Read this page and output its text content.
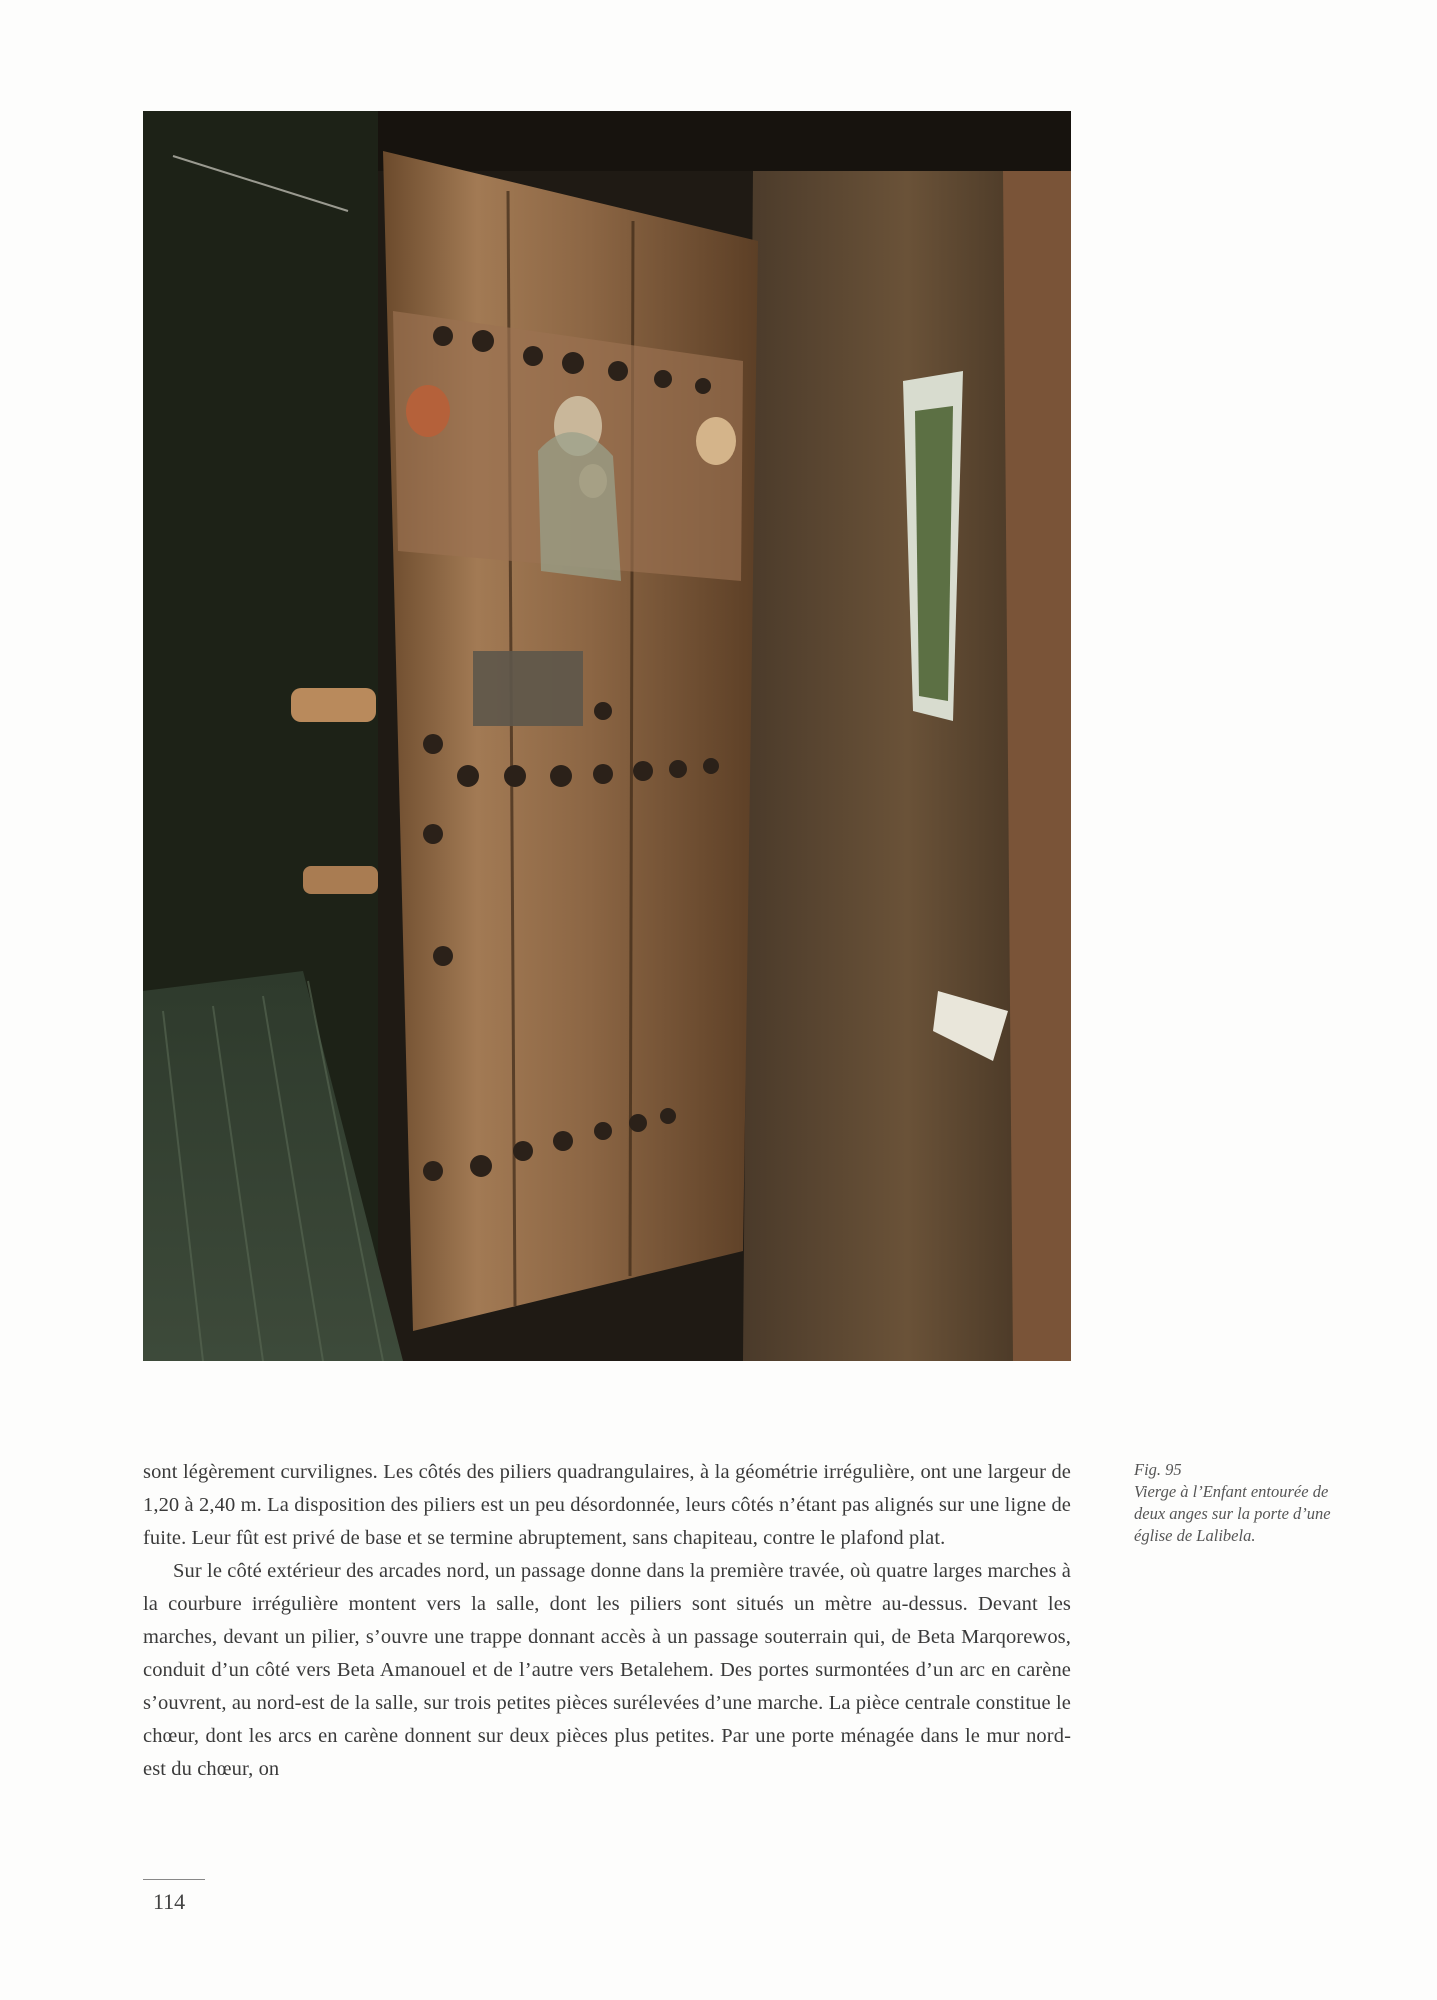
sont légèrement curvilignes. Les côtés des piliers quadrangulaires, à la géométrie irrégulière, ont une largeur de 1,20 à 2,40 m. La disposition des piliers est un peu désordonnée, leurs côtés n’étant pas alignés sur une ligne de fuite. Leur fût est privé de base et se termine abruptement, sans chapiteau, contre le plafond plat.

Sur le côté extérieur des arcades nord, un passage donne dans la première travée, où quatre larges marches à la courbure irrégulière montent vers la salle, dont les piliers sont situés un mètre au-dessus. Devant les marches, devant un pilier, s’ouvre une trappe donnant accès à un passage souterrain qui, de Beta Marqorewos, conduit d’un côté vers Beta Amanouel et de l’autre vers Betalehem. Des portes surmontées d’un arc en carène s’ouvrent, au nord-est de la salle, sur trois petites pièces surélevées d’une marche. La pièce centrale constitue le chœur, dont les arcs en carène donnent sur deux pièces plus petites. Par une porte ménagée dans le mur nord-est du chœur, on

Fig. 95
Vierge à l’Enfant entourée de deux anges sur la porte d’une église de Lalibela.
114
